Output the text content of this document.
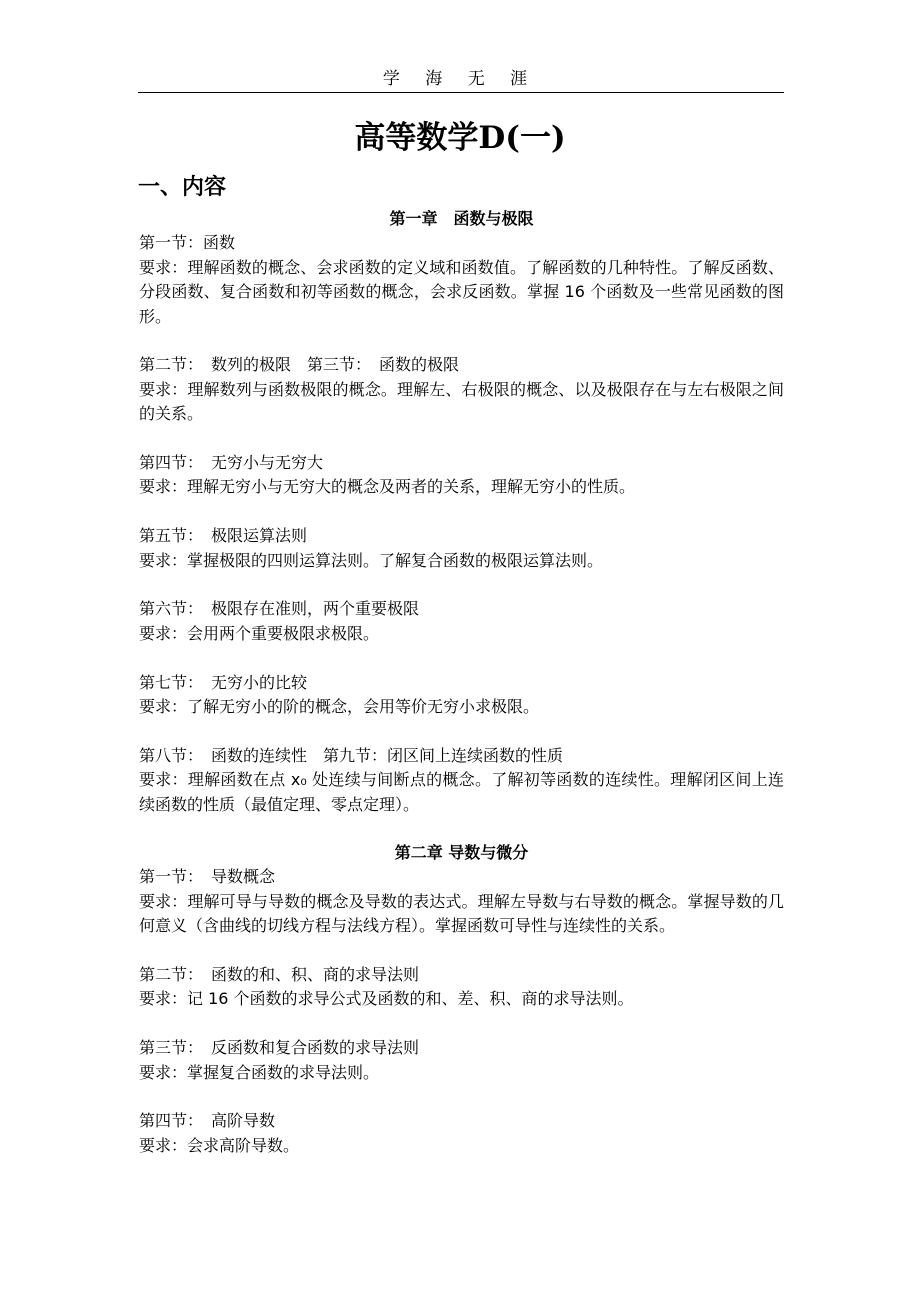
学 海 无 涯
高等数学D(一)
一、内容

第一章　函数与极限

第一节：函数

要求：理解函数的概念、会求函数的定义域和函数值。了解函数的几种特性。了解反函数、分段函数、复合函数和初等函数的概念，会求反函数。掌握 16 个函数及一些常见函数的图形。

第二节：　数列的极限　第三节：　函数的极限

要求：理解数列与函数极限的概念。理解左、右极限的概念、以及极限存在与左右极限之间的关系。

第四节：　无穷小与无穷大

要求：理解无穷小与无穷大的概念及两者的关系，理解无穷小的性质。

第五节：　极限运算法则

要求：掌握极限的四则运算法则。了解复合函数的极限运算法则。

第六节：　极限存在准则，两个重要极限

要求：会用两个重要极限求极限。

第七节：　无穷小的比较

要求：了解无穷小的阶的概念，会用等价无穷小求极限。

第八节：　函数的连续性　第九节：闭区间上连续函数的性质

要求：理解函数在点 x₀ 处连续与间断点的概念。了解初等函数的连续性。理解闭区间上连续函数的性质（最值定理、零点定理）。

第二章 导数与微分

第一节：　导数概念

要求：理解可导与导数的概念及导数的表达式。理解左导数与右导数的概念。掌握导数的几何意义（含曲线的切线方程与法线方程）。掌握函数可导性与连续性的关系。

第二节：　函数的和、积、商的求导法则

要求：记 16 个函数的求导公式及函数的和、差、积、商的求导法则。

第三节：　反函数和复合函数的求导法则

要求：掌握复合函数的求导法则。

第四节：　高阶导数

要求：会求高阶导数。
